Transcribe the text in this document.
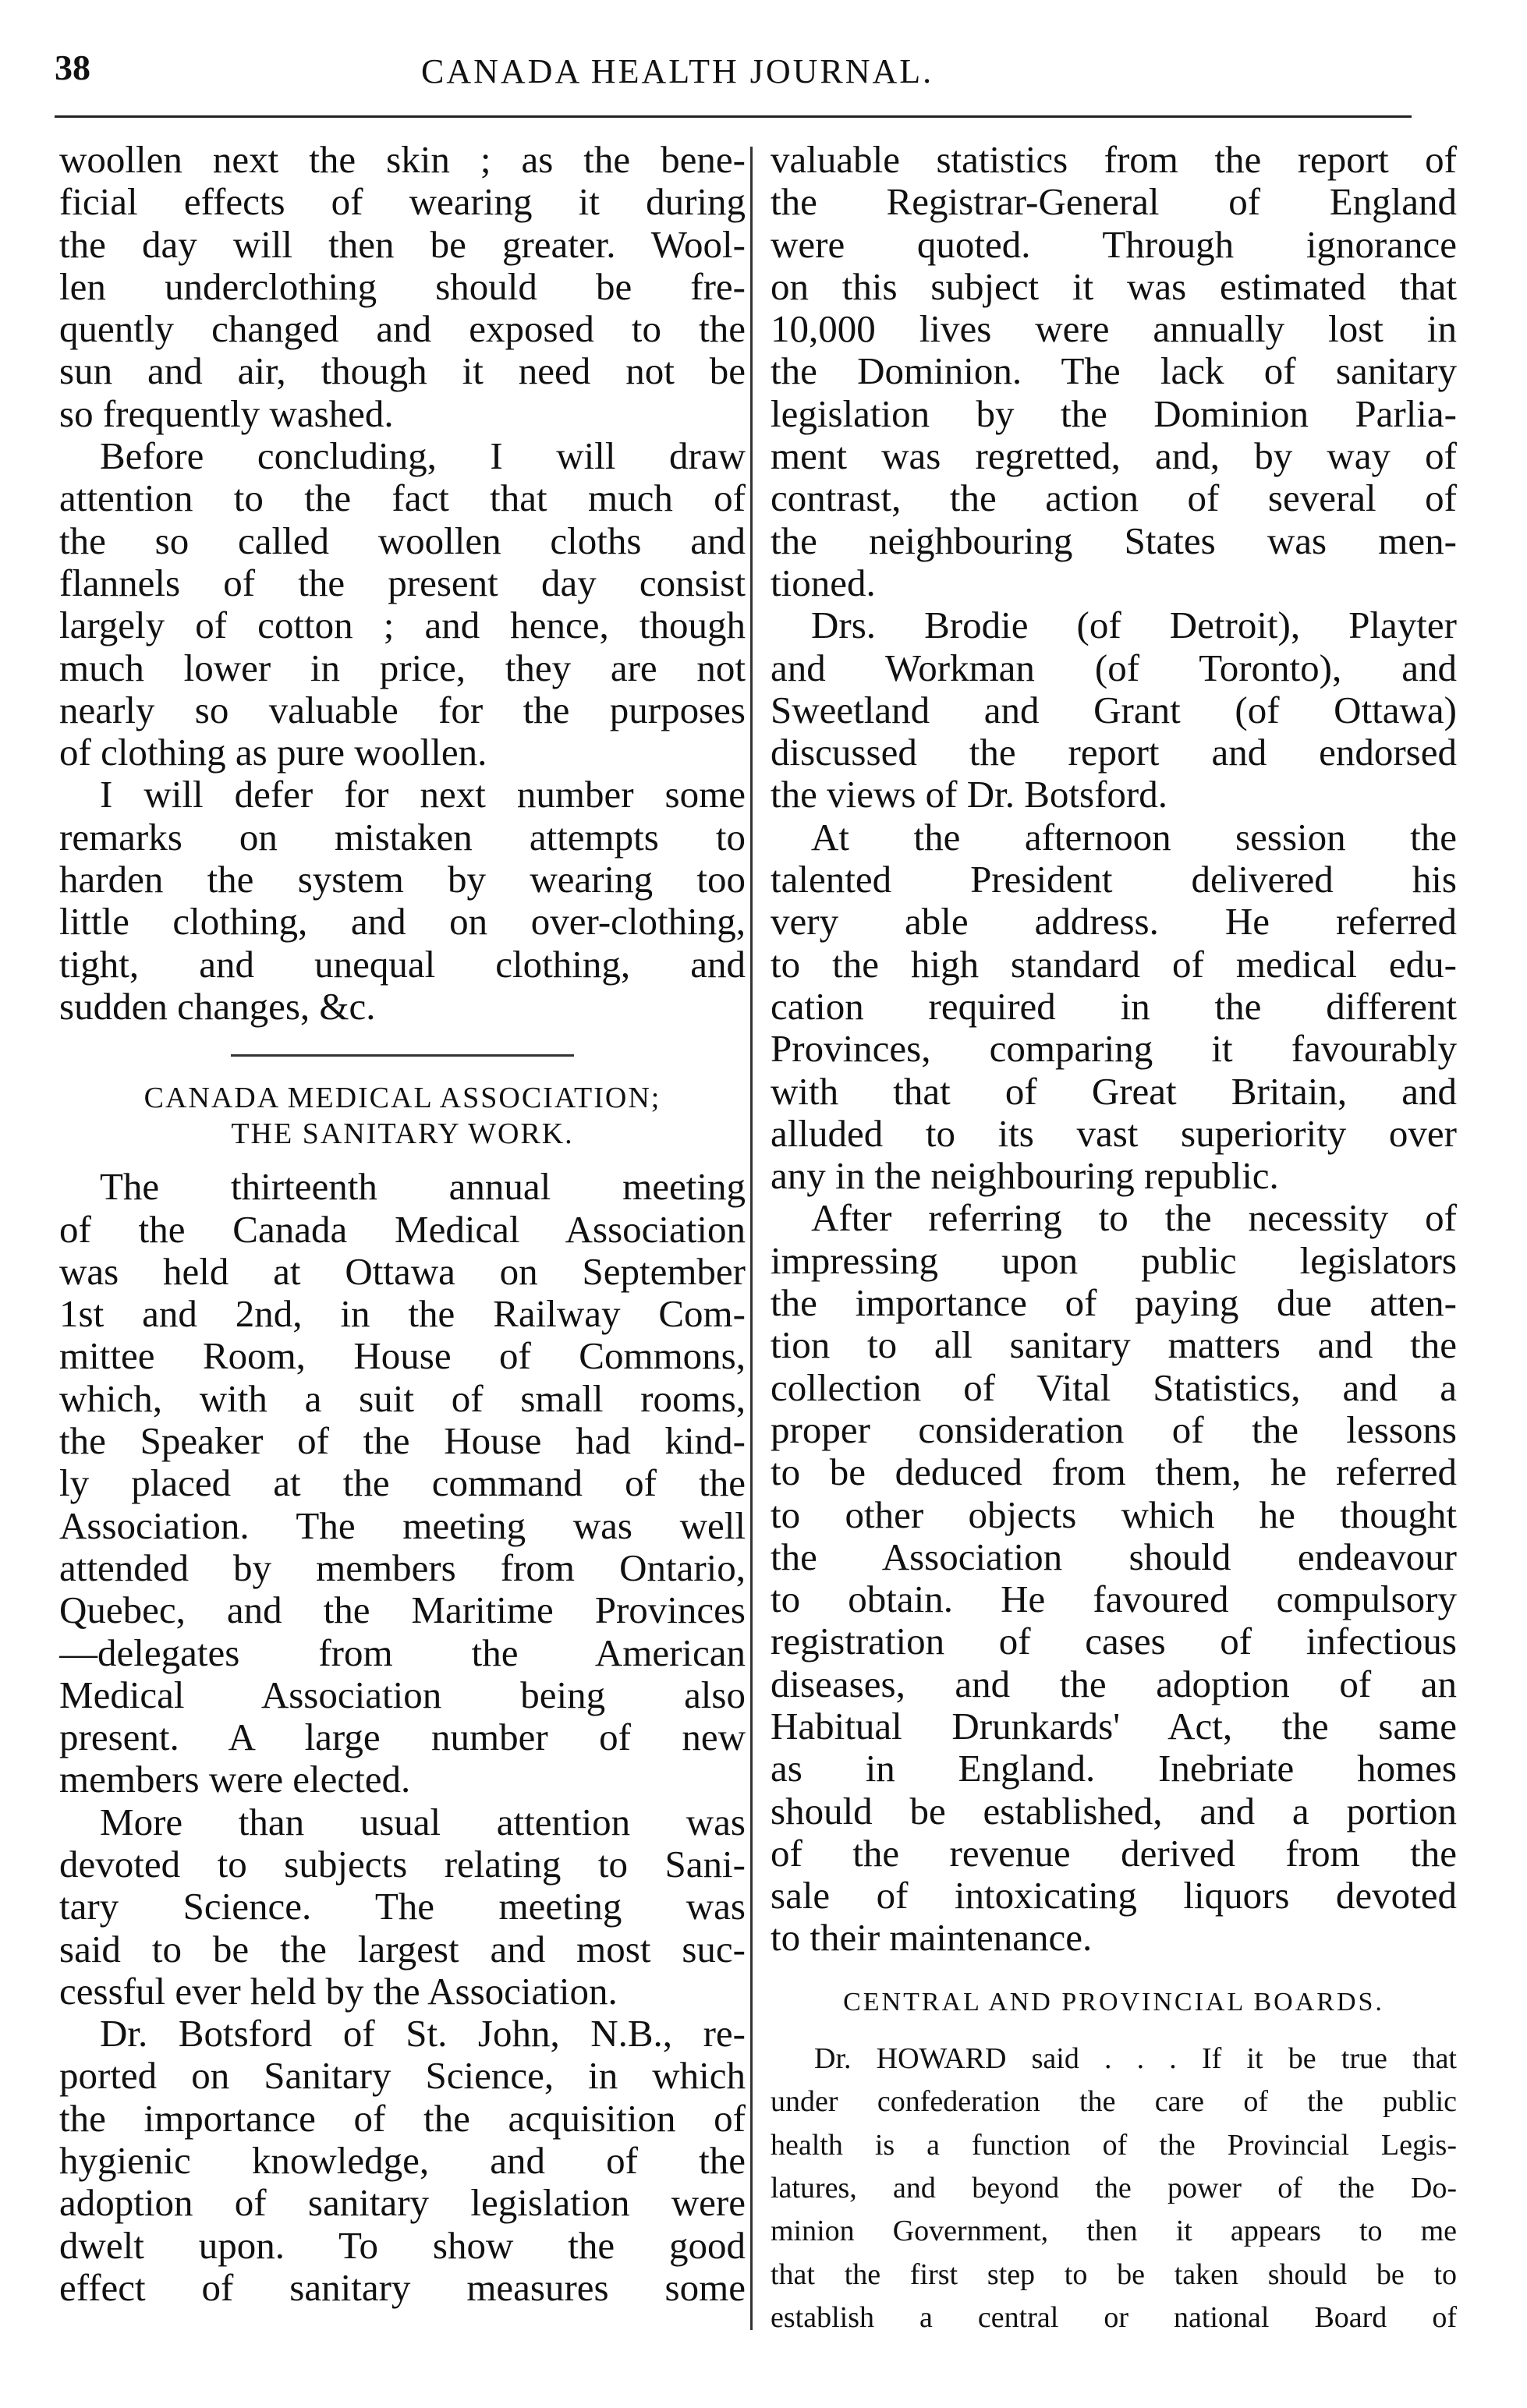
38	CANADA HEALTH JOURNAL.
woollen next the skin ; as the bene-
ficial effects of wearing it during
the day will then be greater. Wool-
len underclothing should be fre-
quently changed and exposed to the
sun and air, though it need not be
so frequently washed.
Before concluding, I will draw
attention to the fact that much of
the so called woollen cloths and
flannels of the present day consist
largely of cotton ; and hence, though
much lower in price, they are not
nearly so valuable for the purposes
of clothing as pure woollen.
I will defer for next number some
remarks on mistaken attempts to
harden the system by wearing too
little clothing, and on over-clothing,
tight, and unequal clothing, and
sudden changes, &c.
CANADA MEDICAL ASSOCIATION;
THE SANITARY WORK.
The thirteenth annual meeting
of the Canada Medical Association
was held at Ottawa on September
1st and 2nd, in the Railway Com-
mittee Room, House of Commons,
which, with a suit of small rooms,
the Speaker of the House had kind-
ly placed at the command of the
Association. The meeting was well
attended by members from Ontario,
Quebec, and the Maritime Provinces
—delegates from the American
Medical Association being also
present. A large number of new
members were elected.
More than usual attention was
devoted to subjects relating to Sani-
tary Science. The meeting was
said to be the largest and most suc-
cessful ever held by the Association.
Dr. Botsford of St. John, N.B., re-
ported on Sanitary Science, in which
the importance of the acquisition of
hygienic knowledge, and of the
adoption of sanitary legislation were
dwelt upon. To show the good
effect of sanitary measures some
valuable statistics from the report of
the Registrar-General of England
were quoted. Through ignorance
on this subject it was estimated that
10,000 lives were annually lost in
the Dominion. The lack of sanitary
legislation by the Dominion Parlia-
ment was regretted, and, by way of
contrast, the action of several of
the neighbouring States was men-
tioned.
Drs. Brodie (of Detroit), Playter
and Workman (of Toronto), and
Sweetland and Grant (of Ottawa)
discussed the report and endorsed
the views of Dr. Botsford.
At the afternoon session the
talented President delivered his
very able address. He referred
to the high standard of medical edu-
cation required in the different
Provinces, comparing it favourably
with that of Great Britain, and
alluded to its vast superiority over
any in the neighbouring republic.
After referring to the necessity of
impressing upon public legislators
the importance of paying due atten-
tion to all sanitary matters and the
collection of Vital Statistics, and a
proper consideration of the lessons
to be deduced from them, he referred
to other objects which he thought
the Association should endeavour
to obtain. He favoured compulsory
registration of cases of infectious
diseases, and the adoption of an
Habitual Drunkards' Act, the same
as in England. Inebriate homes
should be established, and a portion
of the revenue derived from the
sale of intoxicating liquors devoted
to their maintenance.
CENTRAL AND PROVINCIAL BOARDS.
Dr. HOWARD said . . . If it be true that
under confederation the care of the public
health is a function of the Provincial Legis-
latures, and beyond the power of the Do-
minion Government, then it appears to me
that the first step to be taken should be to
establish a central or national Board of
